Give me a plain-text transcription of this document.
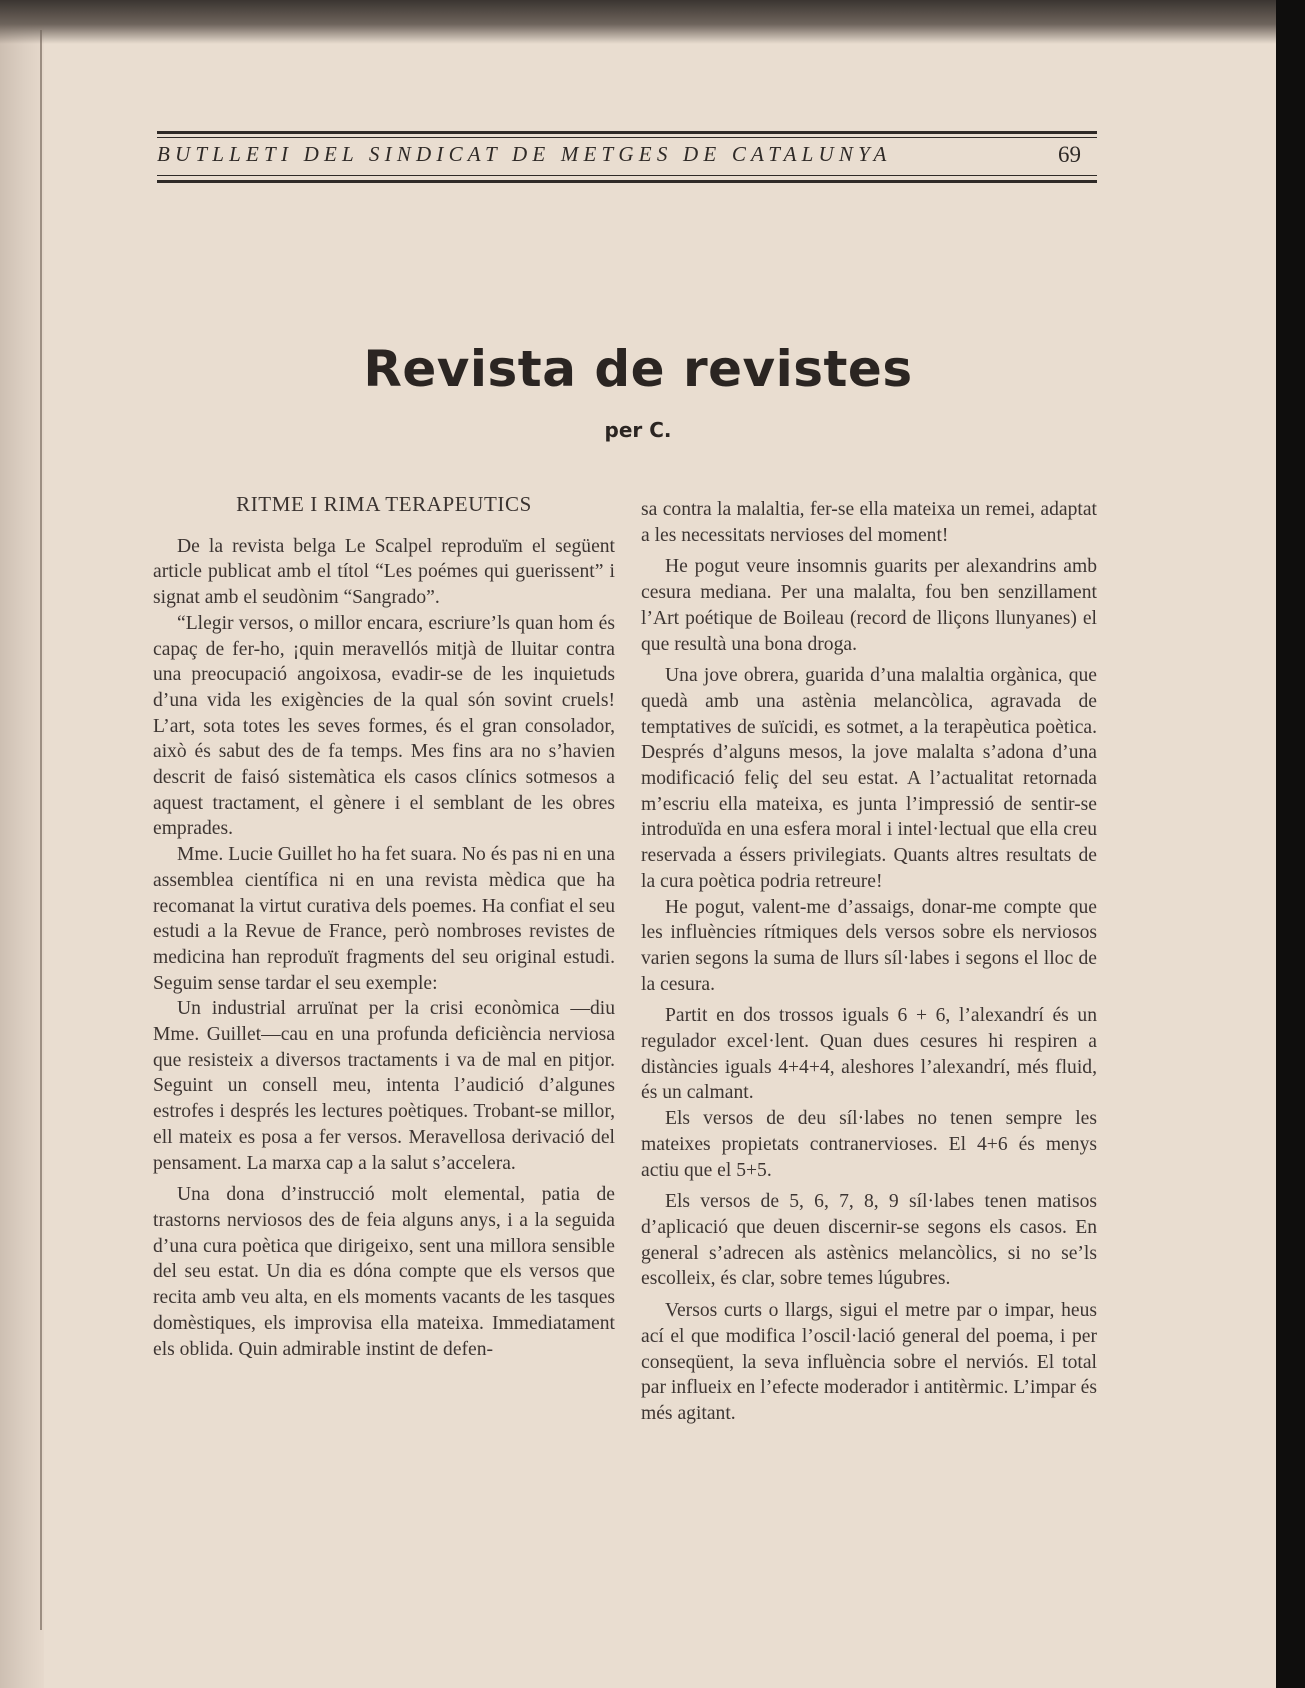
BUTLLETI DEL SINDICAT DE METGES DE CATALUNYA	69
Revista de revistes
per C.
RITME I RIMA TERAPEUTICS

De la revista belga Le Scalpel reproduïm el següent article publicat amb el títol “Les poémes qui guerissent” i signat amb el seudònim “Sangrado”.

“Llegir versos, o millor encara, escriure’ls quan hom és capaç de fer-ho, ¡quin meravellós mitjà de lluitar contra una preocupació angoixosa, evadir-se de les inquietuds d’una vida les exigències de la qual són sovint cruels! L’art, sota totes les seves formes, és el gran consolador, això és sabut des de fa temps. Mes fins ara no s’havien descrit de faisó sistemàtica els casos clínics sotmesos a aquest tractament, el gènere i el semblant de les obres emprades.

Mme. Lucie Guillet ho ha fet suara. No és pas ni en una assemblea científica ni en una revista mèdica que ha recomanat la virtut curativa dels poemes. Ha confiat el seu estudi a la Revue de France, però nombroses revistes de medicina han reproduït fragments del seu original estudi. Seguim sense tardar el seu exemple:

Un industrial arruïnat per la crisi econòmica —diu Mme. Guillet—cau en una profunda deficiència nerviosa que resisteix a diversos tractaments i va de mal en pitjor. Seguint un consell meu, intenta l’audició d’algunes estrofes i després les lectures poètiques. Trobant-se millor, ell mateix es posa a fer versos. Meravellosa derivació del pensament. La marxa cap a la salut s’accelera.

Una dona d’instrucció molt elemental, patia de trastorns nerviosos des de feia alguns anys, i a la seguida d’una cura poètica que dirigeixo, sent una millora sensible del seu estat. Un dia es dóna compte que els versos que recita amb veu alta, en els moments vacants de les tasques domèstiques, els improvisa ella mateixa. Immediatament els oblida. Quin admirable instint de defen-

sa contra la malaltia, fer-se ella mateixa un remei, adaptat a les necessitats nervioses del moment!

He pogut veure insomnis guarits per alexandrins amb cesura mediana. Per una malalta, fou ben senzillament l’Art poétique de Boileau (record de lliçons llunyanes) el que resultà una bona droga.

Una jove obrera, guarida d’una malaltia orgànica, que quedà amb una astènia melancòlica, agravada de temptatives de suïcidi, es sotmet, a la terapèutica poètica. Després d’alguns mesos, la jove malalta s’adona d’una modificació feliç del seu estat. A l’actualitat retornada m’escriu ella mateixa, es junta l’impressió de sentir-se introduïda en una esfera moral i intel·lectual que ella creu reservada a éssers privilegiats. Quants altres resultats de la cura poètica podria retreure!

He pogut, valent-me d’assaigs, donar-me compte que les influències rítmiques dels versos sobre els nerviosos varien segons la suma de llurs síl·labes i segons el lloc de la cesura.

Partit en dos trossos iguals 6 + 6, l’alexandrí és un regulador excel·lent. Quan dues cesures hi respiren a distàncies iguals 4+4+4, aleshores l’alexandrí, més fluid, és un calmant.

Els versos de deu síl·labes no tenen sempre les mateixes propietats contranervioses. El 4+6 és menys actiu que el 5+5.

Els versos de 5, 6, 7, 8, 9 síl·labes tenen matisos d’aplicació que deuen discernir-se segons els casos. En general s’adrecen als astènics melancòlics, si no se’ls escolleix, és clar, sobre temes lúgubres.

Versos curts o llargs, sigui el metre par o impar, heus ací el que modifica l’oscil·lació general del poema, i per conseqüent, la seva influència sobre el nerviós. El total par influeix en l’efecte moderador i antitèrmic. L’impar és més agitant.
